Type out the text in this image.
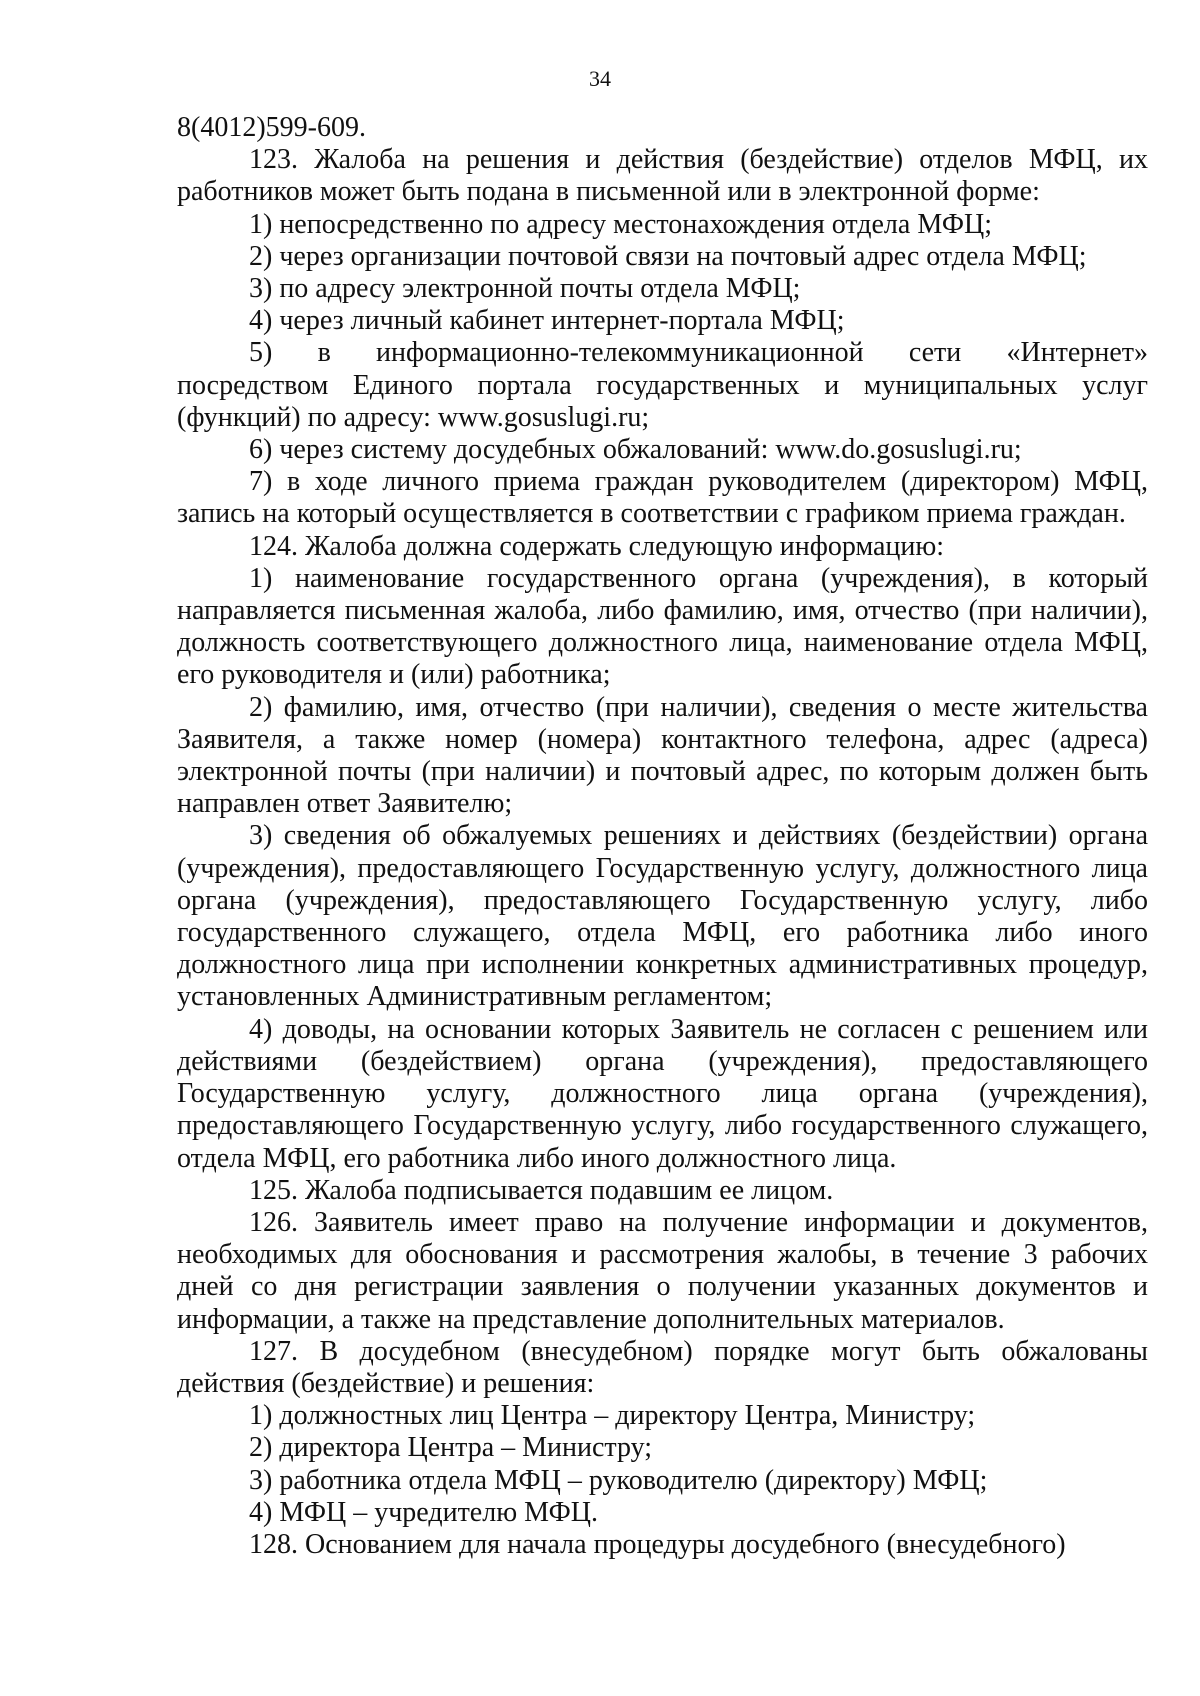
34

8(4012)599-609.

123. Жалоба на решения и действия (бездействие) отделов МФЦ, их работников может быть подана в письменной или в электронной форме:

1) непосредственно по адресу местонахождения отдела МФЦ;

2) через организации почтовой связи на почтовый адрес отдела МФЦ;

3) по адресу электронной почты отдела МФЦ;

4) через личный кабинет интернет-портала МФЦ;

5) в информационно-телекоммуникационной сети «Интернет» посредством Единого портала государственных и муниципальных услуг (функций) по адресу: www.gosuslugi.ru;

6) через систему досудебных обжалований: www.do.gosuslugi.ru;

7) в ходе личного приема граждан руководителем (директором) МФЦ, запись на который осуществляется в соответствии с графиком приема граждан.

124. Жалоба должна содержать следующую информацию:

1) наименование государственного органа (учреждения), в который направляется письменная жалоба, либо фамилию, имя, отчество (при наличии), должность соответствующего должностного лица, наименование отдела МФЦ, его руководителя и (или) работника;

2) фамилию, имя, отчество (при наличии), сведения о месте жительства Заявителя, а также номер (номера) контактного телефона, адрес (адреса) электронной почты (при наличии) и почтовый адрес, по которым должен быть направлен ответ Заявителю;

3) сведения об обжалуемых решениях и действиях (бездействии) органа (учреждения), предоставляющего Государственную услугу, должностного лица органа (учреждения), предоставляющего Государственную услугу, либо государственного служащего, отдела МФЦ, его работника либо иного должностного лица при исполнении конкретных административных процедур, установленных Административным регламентом;

4) доводы, на основании которых Заявитель не согласен с решением или действиями (бездействием) органа (учреждения), предоставляющего Государственную услугу, должностного лица органа (учреждения), предоставляющего Государственную услугу, либо государственного служащего, отдела МФЦ, его работника либо иного должностного лица.

125. Жалоба подписывается подавшим ее лицом.

126. Заявитель имеет право на получение информации и документов, необходимых для обоснования и рассмотрения жалобы, в течение 3 рабочих дней со дня регистрации заявления о получении указанных документов и информации, а также на представление дополнительных материалов.

127. В досудебном (внесудебном) порядке могут быть обжалованы действия (бездействие) и решения:

1) должностных лиц Центра – директору Центра, Министру;

2) директора Центра – Министру;

3) работника отдела МФЦ – руководителю (директору) МФЦ;

4) МФЦ – учредителю МФЦ.

128. Основанием для начала процедуры досудебного (внесудебного)
